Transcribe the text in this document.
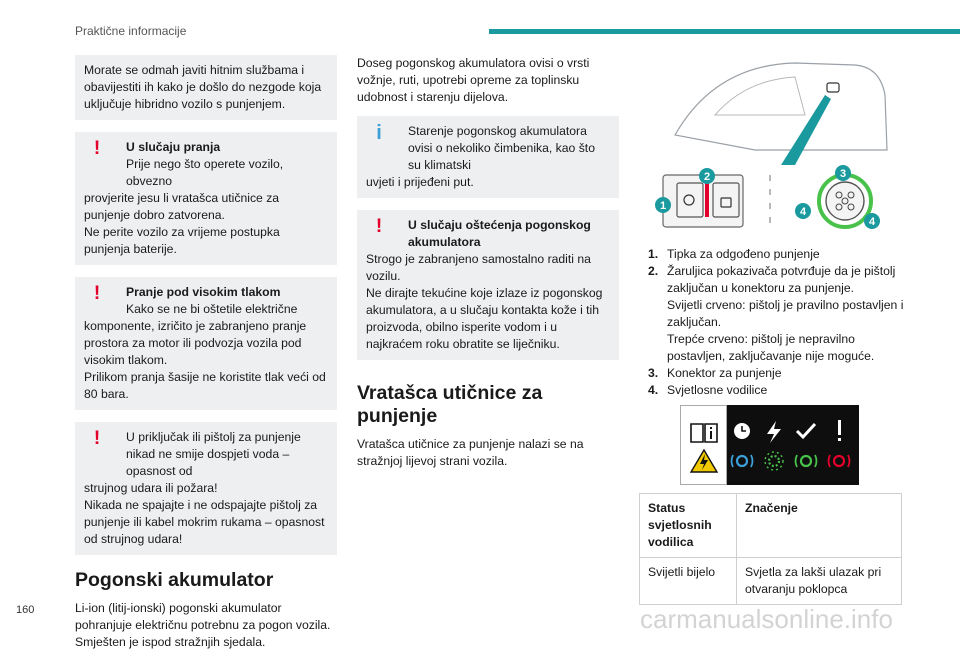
Praktične informacije
Morate se odmah javiti hitnim službama i obavijestiti ih kako je došlo do nezgode koja uključuje hibridno vozilo s punjenjem.
!	U slučaju pranja
Prije nego što operete vozilo, obvezno
provjerite jesu li vratašca utičnice za punjenje dobro zatvorena.
Ne perite vozilo za vrijeme postupka punjenja baterije.
!	Pranje pod visokim tlakom
Kako se ne bi oštetile električne
komponente, izričito je zabranjeno pranje prostora za motor ili podvozja vozila pod visokim tlakom.
Prilikom pranja šasije ne koristite tlak veći od 80 bara.
!	U priključak ili pištolj za punjenje nikad ne smije dospjeti voda – opasnost od
strujnog udara ili požara!
Nikada ne spajajte i ne odspajajte pištolj za punjenje ili kabel mokrim rukama – opasnost od strujnog udara!
Pogonski akumulator
Li-ion (litij-ionski) pogonski akumulator pohranjuje električnu potrebnu za pogon vozila. Smješten je ispod stražnjih sjedala.
Doseg pogonskog akumulatora ovisi o vrsti vožnje, ruti, upotrebi opreme za toplinsku udobnost i starenju dijelova.
i	Starenje pogonskog akumulatora ovisi o nekoliko čimbenika, kao što su klimatski
uvjeti i prijeđeni put.
!	U slučaju oštećenja pogonskog akumulatora
Strogo je zabranjeno samostalno raditi na vozilu.
Ne dirajte tekućine koje izlaze iz pogonskog akumulatora, a u slučaju kontakta kože i tih proizvoda, obilno isperite vodom i u najkraćem roku obratite se liječniku.
Vratašca utičnice za punjenje
Vratašca utičnice za punjenje nalazi se na stražnjoj lijevoj strani vozila.
1
2	3
4
4
1. Tipka za odgođeno punjenje
2. Žaruljica pokazivača potvrđuje da je pištolj zaključan u konektoru za punjenje.
Svijetli crveno: pištolj je pravilno postavljen i zaključan.
Trepće crveno: pištolj je nepravilno postavljen, zaključavanje nije moguće.
3. Konektor za punjenje
4. Svjetlosne vodilice
Status svjetlosnih vodilica	Značenje
Svijetli bijelo	Svjetla za lakši ulazak pri otvaranju poklopca
160	carmanualsonline.info
